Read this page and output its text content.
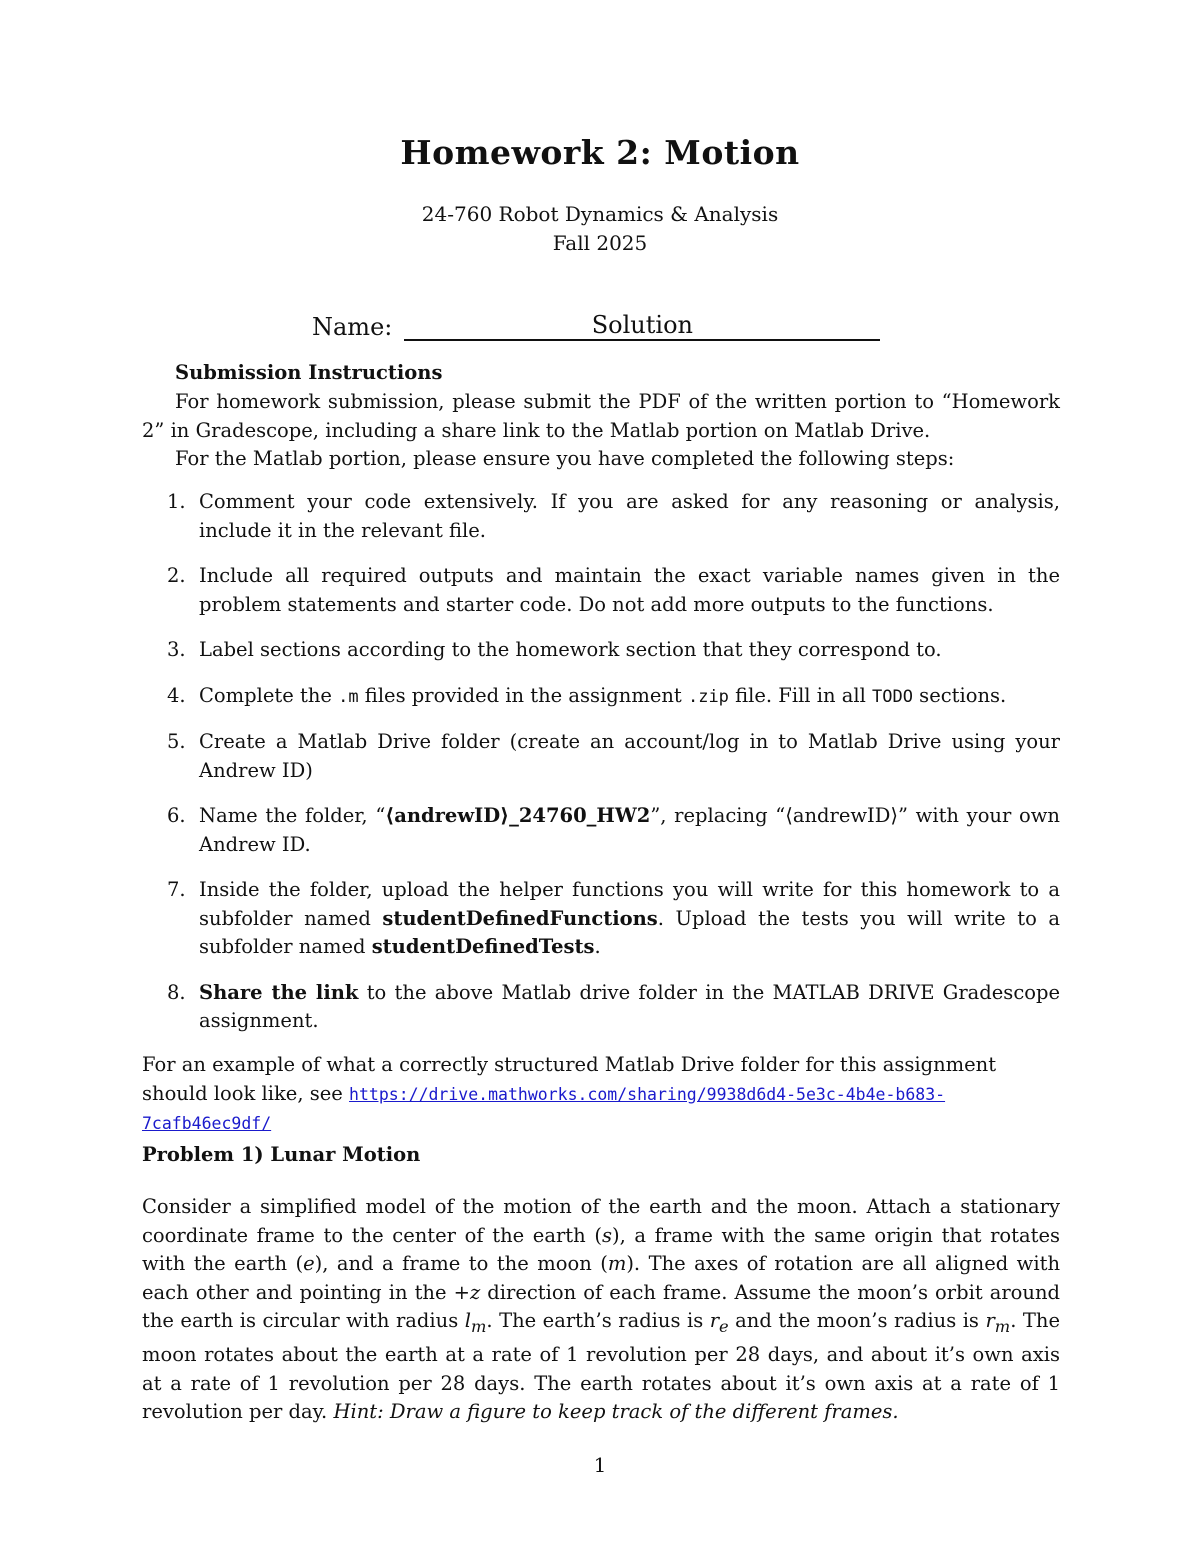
Homework 2: Motion
24-760 Robot Dynamics & Analysis
Fall 2025
Name:	Solution
Submission Instructions
For homework submission, please submit the PDF of the written portion to “Homework 2” in Gradescope, including a share link to the Matlab portion on Matlab Drive.
For the Matlab portion, please ensure you have completed the following steps:
1. Comment your code extensively. If you are asked for any reasoning or analysis, include it in the relevant file.
2. Include all required outputs and maintain the exact variable names given in the problem statements and starter code. Do not add more outputs to the functions.
3. Label sections according to the homework section that they correspond to.
4. Complete the .m files provided in the assignment .zip file. Fill in all TODO sections.
5. Create a Matlab Drive folder (create an account/log in to Matlab Drive using your Andrew ID)
6. Name the folder, “⟨andrewID⟩_24760_HW2”, replacing “⟨andrewID⟩” with your own Andrew ID.
7. Inside the folder, upload the helper functions you will write for this homework to a subfolder named studentDefinedFunctions. Upload the tests you will write to a subfolder named studentDefinedTests.
8. Share the link to the above Matlab drive folder in the MATLAB DRIVE Gradescope assignment.
For an example of what a correctly structured Matlab Drive folder for this assignment should look like, see https://drive.mathworks.com/sharing/9938d6d4-5e3c-4b4e-b683-7cafb46ec9df/
Problem 1) Lunar Motion
Consider a simplified model of the motion of the earth and the moon. Attach a stationary coordinate frame to the center of the earth (s), a frame with the same origin that rotates with the earth (e), and a frame to the moon (m). The axes of rotation are all aligned with each other and pointing in the +z direction of each frame. Assume the moon’s orbit around the earth is circular with radius $l_m$. The earth’s radius is $r_e$ and the moon’s radius is $r_m$. The moon rotates about the earth at a rate of 1 revolution per 28 days, and about it’s own axis at a rate of 1 revolution per 28 days. The earth rotates about it’s own axis at a rate of 1 revolution per day. Hint: Draw a figure to keep track of the different frames.
1
